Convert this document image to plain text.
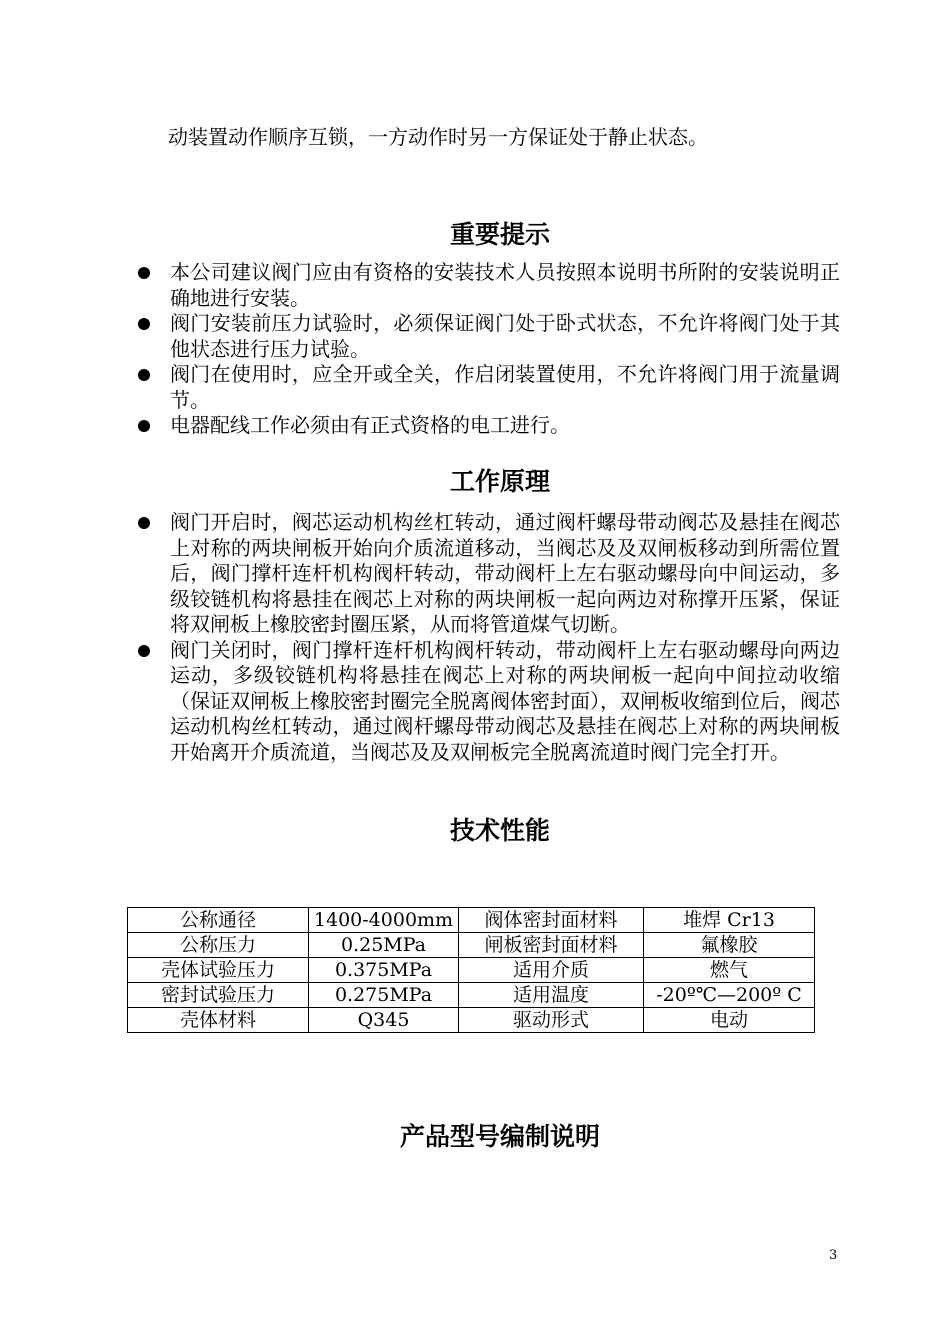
动装置动作顺序互锁，一方动作时另一方保证处于静止状态。
重要提示
本公司建议阀门应由有资格的安装技术人员按照本说明书所附的安装说明正确地进行安装。
阀门安装前压力试验时，必须保证阀门处于卧式状态，不允许将阀门处于其他状态进行压力试验。
阀门在使用时，应全开或全关，作启闭装置使用，不允许将阀门用于流量调节。
电器配线工作必须由有正式资格的电工进行。
工作原理
阀门开启时，阀芯运动机构丝杠转动，通过阀杆螺母带动阀芯及悬挂在阀芯上对称的两块闸板开始向介质流道移动，当阀芯及及双闸板移动到所需位置后，阀门撑杆连杆机构阀杆转动，带动阀杆上左右驱动螺母向中间运动，多级铰链机构将悬挂在阀芯上对称的两块闸板一起向两边对称撑开压紧，保证将双闸板上橡胶密封圈压紧，从而将管道煤气切断。
阀门关闭时，阀门撑杆连杆机构阀杆转动，带动阀杆上左右驱动螺母向两边运动，多级铰链机构将悬挂在阀芯上对称的两块闸板一起向中间拉动收缩（保证双闸板上橡胶密封圈完全脱离阀体密封面），双闸板收缩到位后，阀芯运动机构丝杠转动，通过阀杆螺母带动阀芯及悬挂在阀芯上对称的两块闸板开始离开介质流道，当阀芯及及双闸板完全脱离流道时阀门完全打开。
技术性能
公称通径	1400-4000mm	阀体密封面材料	堆焊 Cr13
公称压力	0.25MPa	闸板密封面材料	氟橡胶
壳体试验压力	0.375MPa	适用介质	燃气
密封试验压力	0.275MPa	适用温度	-20º℃—200º C
壳体材料	Q345	驱动形式	电动
产品型号编制说明
3
